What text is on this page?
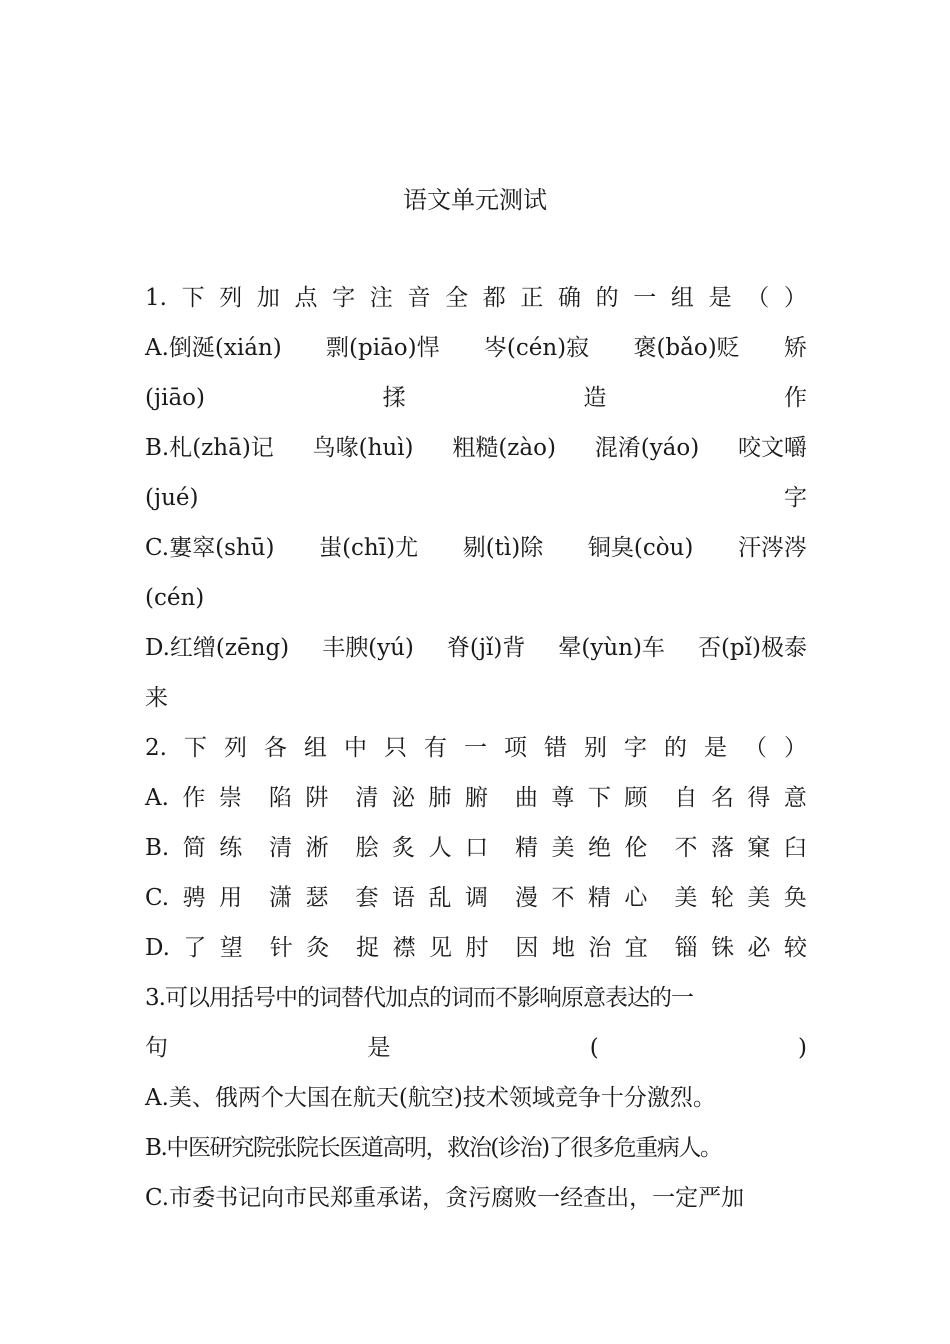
语文单元测试
1. 下 列 加 点 字 注 音 全 都 正 确 的 一 组 是 （ ）
A.倒涎(xián) 剽(piāo)悍 岑(cén)寂 褒(bǎo)贬 矫
(jiāo)	揉	造	作
B.札(zhā)记 鸟喙(huì) 粗糙(zào) 混淆(yáo) 咬文嚼
(jué)	字
C.寠窣(shū) 蚩(chī)尤 剔(tì)除 铜臭(còu) 汗涔涔
(cén)
D.红缯(zēng) 丰腴(yú) 脊(jǐ)背 晕(yùn)车 否(pǐ)极泰
来
2. 下 列 各 组 中 只 有 一 项 错 别 字 的 是 （ ）
A. 作 崇 陷 阱 清 泌 肺 腑 曲 尊 下 顾 自 名 得 意
B. 简 练 清 淅 脍 炙 人 口 精 美 绝 伦 不 落 窠 臼
C. 骋 用 潇 瑟 套 语 乱 调 漫 不 精 心 美 轮 美 奂
D. 了 望 针 灸 捉 襟 见 肘 因 地 治 宜 锱 铢 必 较
3.可以用括号中的词替代加点的词而不影响原意表达的一
句	是	(	)
A.美、俄两个大国在航天(航空)技术领域竞争十分激烈。
B.中医研究院张院长医道高明，救治(诊治)了很多危重病人。
C.市委书记向市民郑重承诺，贪污腐败一经查出，一定严加
